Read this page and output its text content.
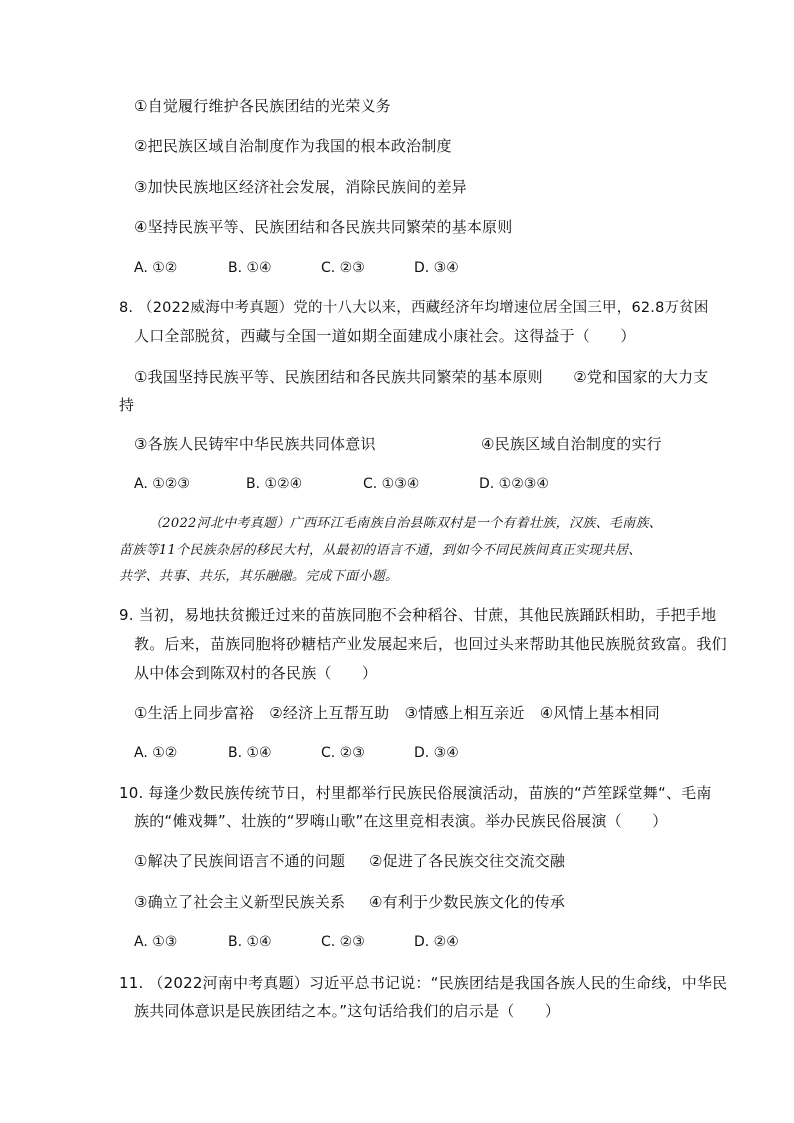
①自觉履行维护各民族团结的光荣义务
②把民族区域自治制度作为我国的根本政治制度
③加快民族地区经济社会发展，消除民族间的差异
④坚持民族平等、民族团结和各民族共同繁荣的基本原则
A. ①②	B. ①④	C. ②③	D. ③④
8. （2022威海中考真题）党的十八大以来，西藏经济年均增速位居全国三甲，62.8万贫困
人口全部脱贫，西藏与全国一道如期全面建成小康社会。这得益于（　　）
①我国坚持民族平等、民族团结和各民族共同繁荣的基本原则　　②党和国家的大力支
持
③各族人民铸牢中华民族共同体意识	④民族区域自治制度的实行
A. ①②③	B. ①②④	C. ①③④	D. ①②③④
（2022河北中考真题）广西环江毛南族自治县陈双村是一个有着壮族，汉族、毛南族、
苗族等11个民族杂居的移民大村，从最初的语言不通，到如今不同民族间真正实现共居、
共学、共事、共乐，其乐融融。完成下面小题。
9. 当初，易地扶贫搬迁过来的苗族同胞不会种稻谷、甘蔗，其他民族踊跃相助，手把手地
教。后来，苗族同胞将砂糖桔产业发展起来后，也回过头来帮助其他民族脱贫致富。我们
从中体会到陈双村的各民族（　　）
①生活上同步富裕　②经济上互帮互助　③情感上相互亲近　④风情上基本相同
A. ①②	B. ①④	C. ②③	D. ③④
10. 每逢少数民族传统节日，村里都举行民族民俗展演活动，苗族的“芦笙踩堂舞“、毛南
族的“傩戏舞”、壮族的“罗嗨山歌”在这里竞相表演。举办民族民俗展演（　　）
①解决了民族间语言不通的问题 ②促进了各民族交往交流交融
③确立了社会主义新型民族关系 ④有利于少数民族文化的传承
A. ①③	B. ①④	C. ②③	D. ②④
11. （2022河南中考真题）习近平总书记说：“民族团结是我国各族人民的生命线，中华民
族共同体意识是民族团结之本。”这句话给我们的启示是（　　）
